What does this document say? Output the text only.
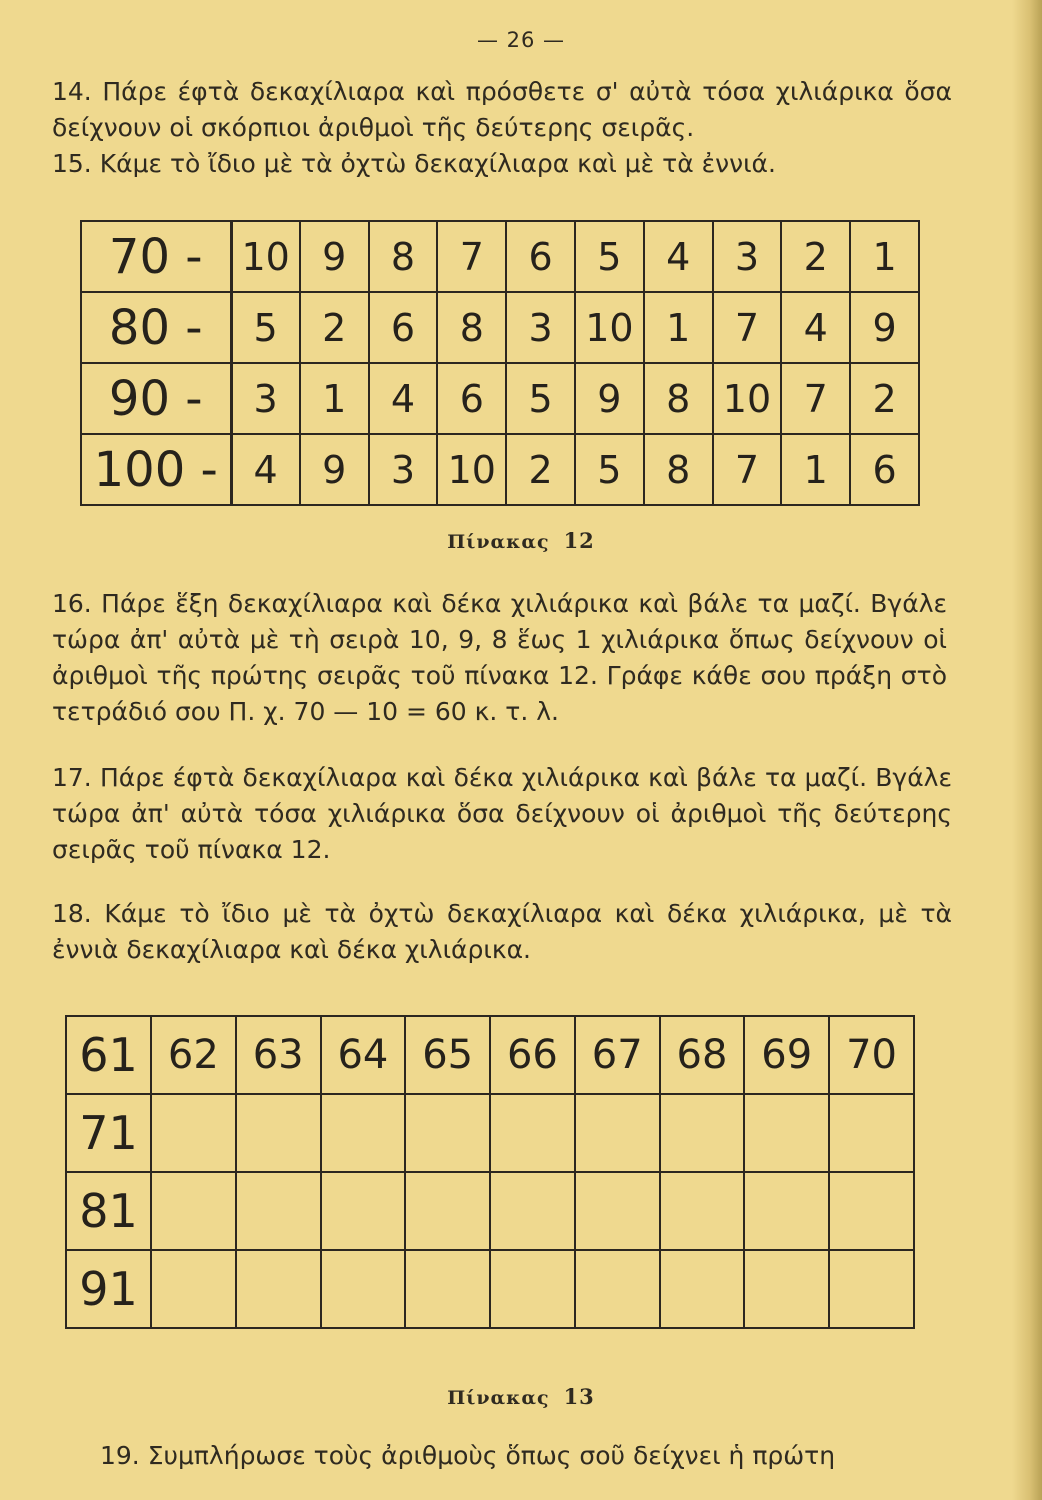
— 26 —
14. Πάρε έφτὰ δεκαχίλιαρα καὶ πρόσθετε σ' αὐτὰ τόσα χιλιάρικα ὅσα δείχνουν οἱ σκόρπιοι ἀριθμοὶ τῆς δεύτερης σειρᾶς.
15. Κάμε τὸ ἴδιο μὲ τὰ ὀχτὼ δεκαχίλιαρα καὶ μὲ τὰ ἐννιά.
70 -	10	9	8	7	6	5	4	3	2	1
80 -	5	2	6	8	3	10	1	7	4	9
90 -	3	1	4	6	5	9	8	10	7	2
100 -	4	9	3	10	2	5	8	7	1	6
Πίνακας 12
16. Πάρε ἕξη δεκαχίλιαρα καὶ δέκα χιλιάρικα καὶ βάλε τα μαζί. Βγάλε τώρα ἀπ' αὐτὰ μὲ τὴ σειρὰ 10, 9, 8 ἕως 1 χιλιάρικα ὅπως δείχνουν οἱ ἀριθμοὶ τῆς πρώτης σειρᾶς τοῦ πίνακα 12. Γράφε κάθε σου πράξη στὸ τετράδιό σου Π. χ. 70 — 10 = 60 κ. τ. λ.
17. Πάρε έφτὰ δεκαχίλιαρα καὶ δέκα χιλιάρικα καὶ βάλε τα μαζί. Βγάλε τώρα ἀπ' αὐτὰ τόσα χιλιάρικα ὅσα δείχνουν οἱ ἀριθμοὶ τῆς δεύτερης σειρᾶς τοῦ πίνακα 12.
18. Κάμε τὸ ἴδιο μὲ τὰ ὀχτὼ δεκαχίλιαρα καὶ δέκα χιλιάρικα, μὲ τὰ ἐννιὰ δεκαχίλιαρα καὶ δέκα χιλιάρικα.
61	62	63	64	65	66	67	68	69	70
71									
81									
91									
Πίνακας 13
19. Συμπλήρωσε τοὺς ἀριθμοὺς ὅπως σοῦ δείχνει ἡ πρώτη
